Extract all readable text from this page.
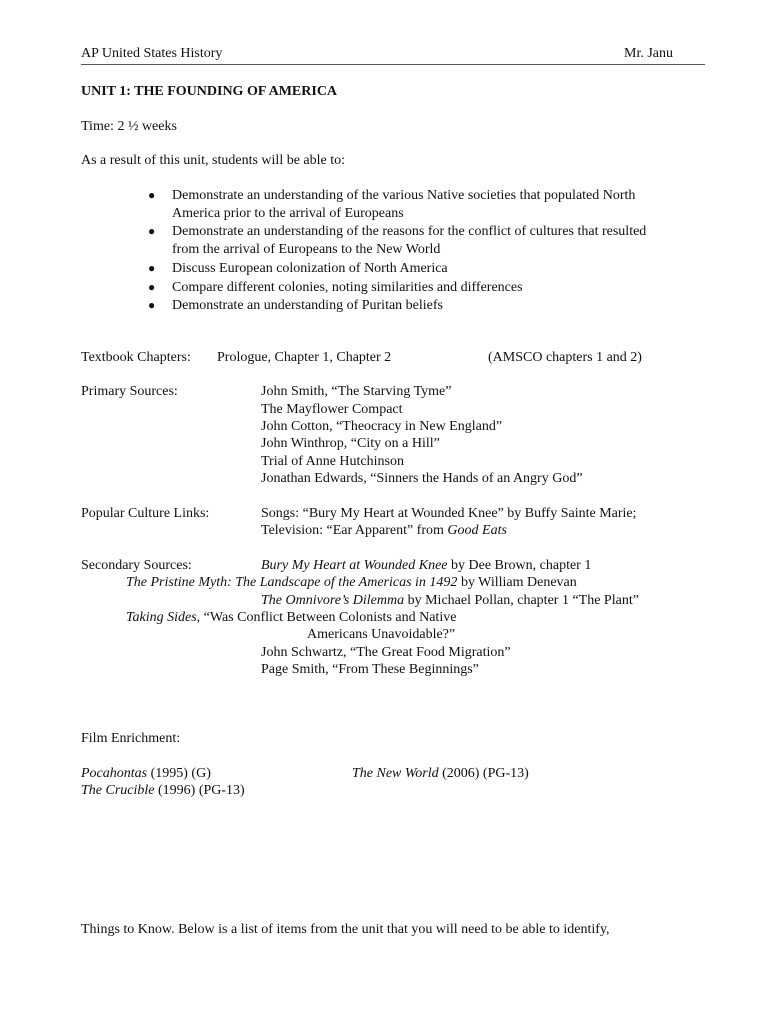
AP United States History	Mr. Janu
UNIT 1: THE FOUNDING OF AMERICA
Time: 2 ½ weeks
As a result of this unit, students will be able to:
● Demonstrate an understanding of the various Native societies that populated North
America prior to the arrival of Europeans
● Demonstrate an understanding of the reasons for the conflict of cultures that resulted
from the arrival of Europeans to the New World
● Discuss European colonization of North America
● Compare different colonies, noting similarities and differences
● Demonstrate an understanding of Puritan beliefs
Textbook Chapters: Prologue, Chapter 1, Chapter 2	(AMSCO chapters 1 and 2)
Primary Sources:	John Smith, “The Starving Tyme”
The Mayflower Compact
John Cotton, “Theocracy in New England”
John Winthrop, “City on a Hill”
Trial of Anne Hutchinson
Jonathan Edwards, “Sinners the Hands of an Angry God”
Popular Culture Links:	Songs: “Bury My Heart at Wounded Knee” by Buffy Sainte Marie;
Television: “Ear Apparent” from Good Eats
Secondary Sources:	Bury My Heart at Wounded Knee by Dee Brown, chapter 1
The Pristine Myth: The Landscape of the Americas in 1492 by William Denevan
The Omnivore’s Dilemma by Michael Pollan, chapter 1 “The Plant”
Taking Sides, “Was Conflict Between Colonists and Native
Americans Unavoidable?”
John Schwartz, “The Great Food Migration”
Page Smith, “From These Beginnings”
Film Enrichment:
Pocahontas (1995) (G)	The New World (2006) (PG-13)
The Crucible (1996) (PG-13)
Things to Know. Below is a list of items from the unit that you will need to be able to identify,
